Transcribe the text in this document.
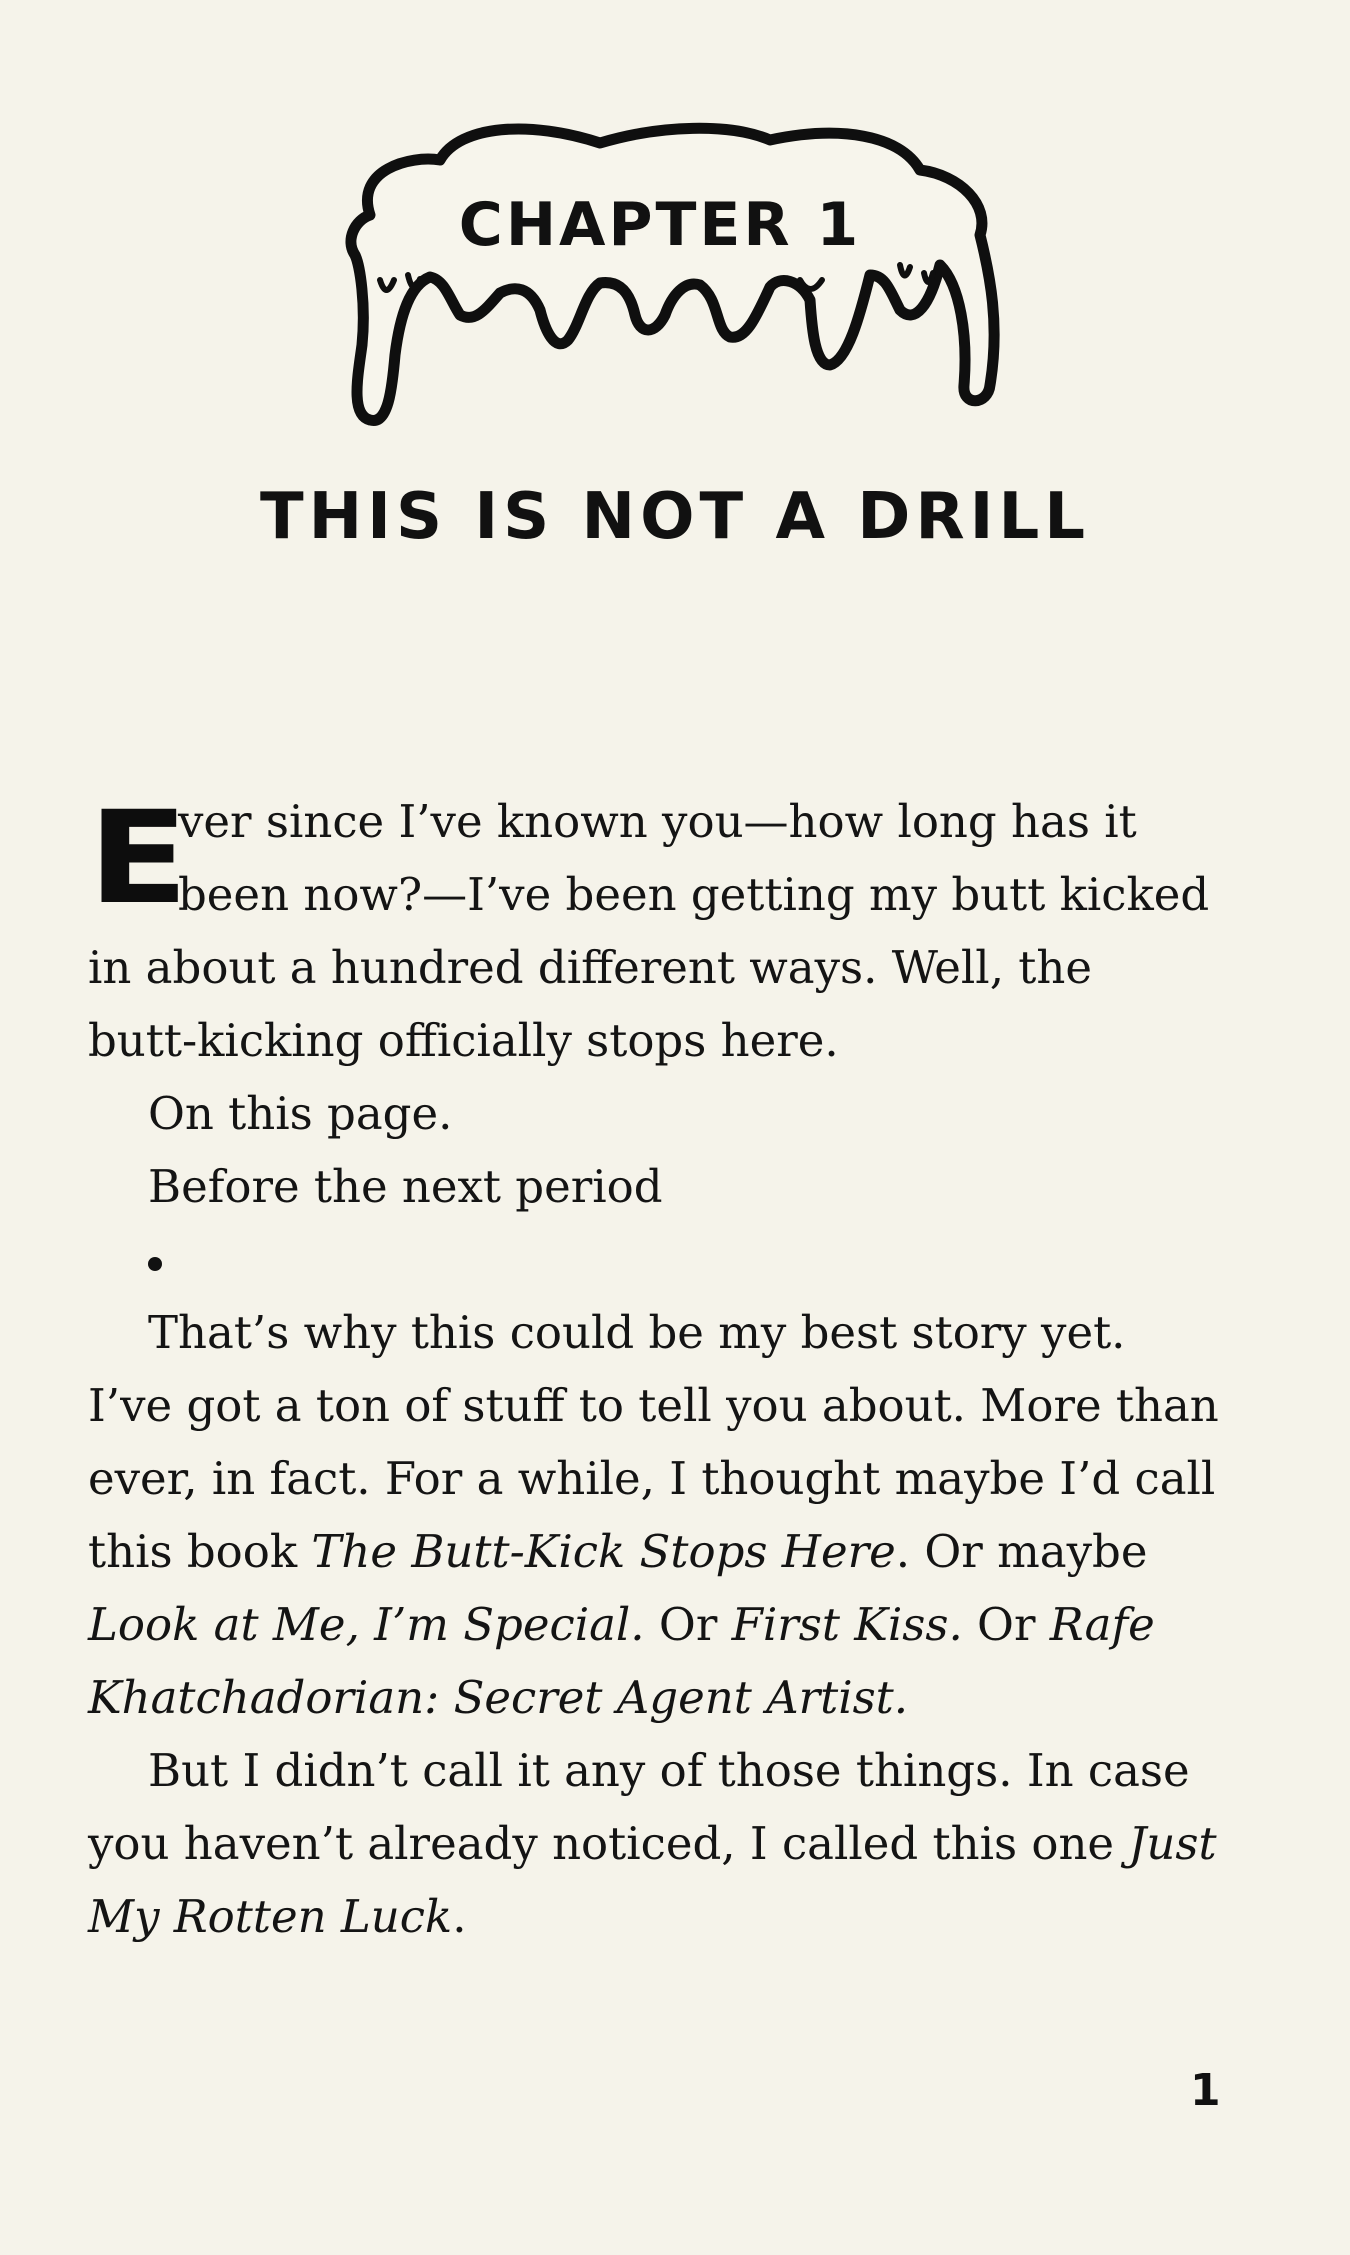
CHAPTER 1
THIS IS NOT A DRILL
E
ver since I’ve known you—how long has it
been now?—I’ve been getting my butt kicked
in about a hundred different ways. Well, the
butt-kicking officially stops here.
On this page.
Before the next period
That’s why this could be my best story yet.
I’ve got a ton of stuff to tell you about. More than
ever, in fact. For a while, I thought maybe I’d call
this book The Butt-Kick Stops Here. Or maybe
Look at Me, I’m Special. Or First Kiss. Or Rafe
Khatchadorian: Secret Agent Artist.
But I didn’t call it any of those things. In case
you haven’t already noticed, I called this one Just
My Rotten Luck.
1
